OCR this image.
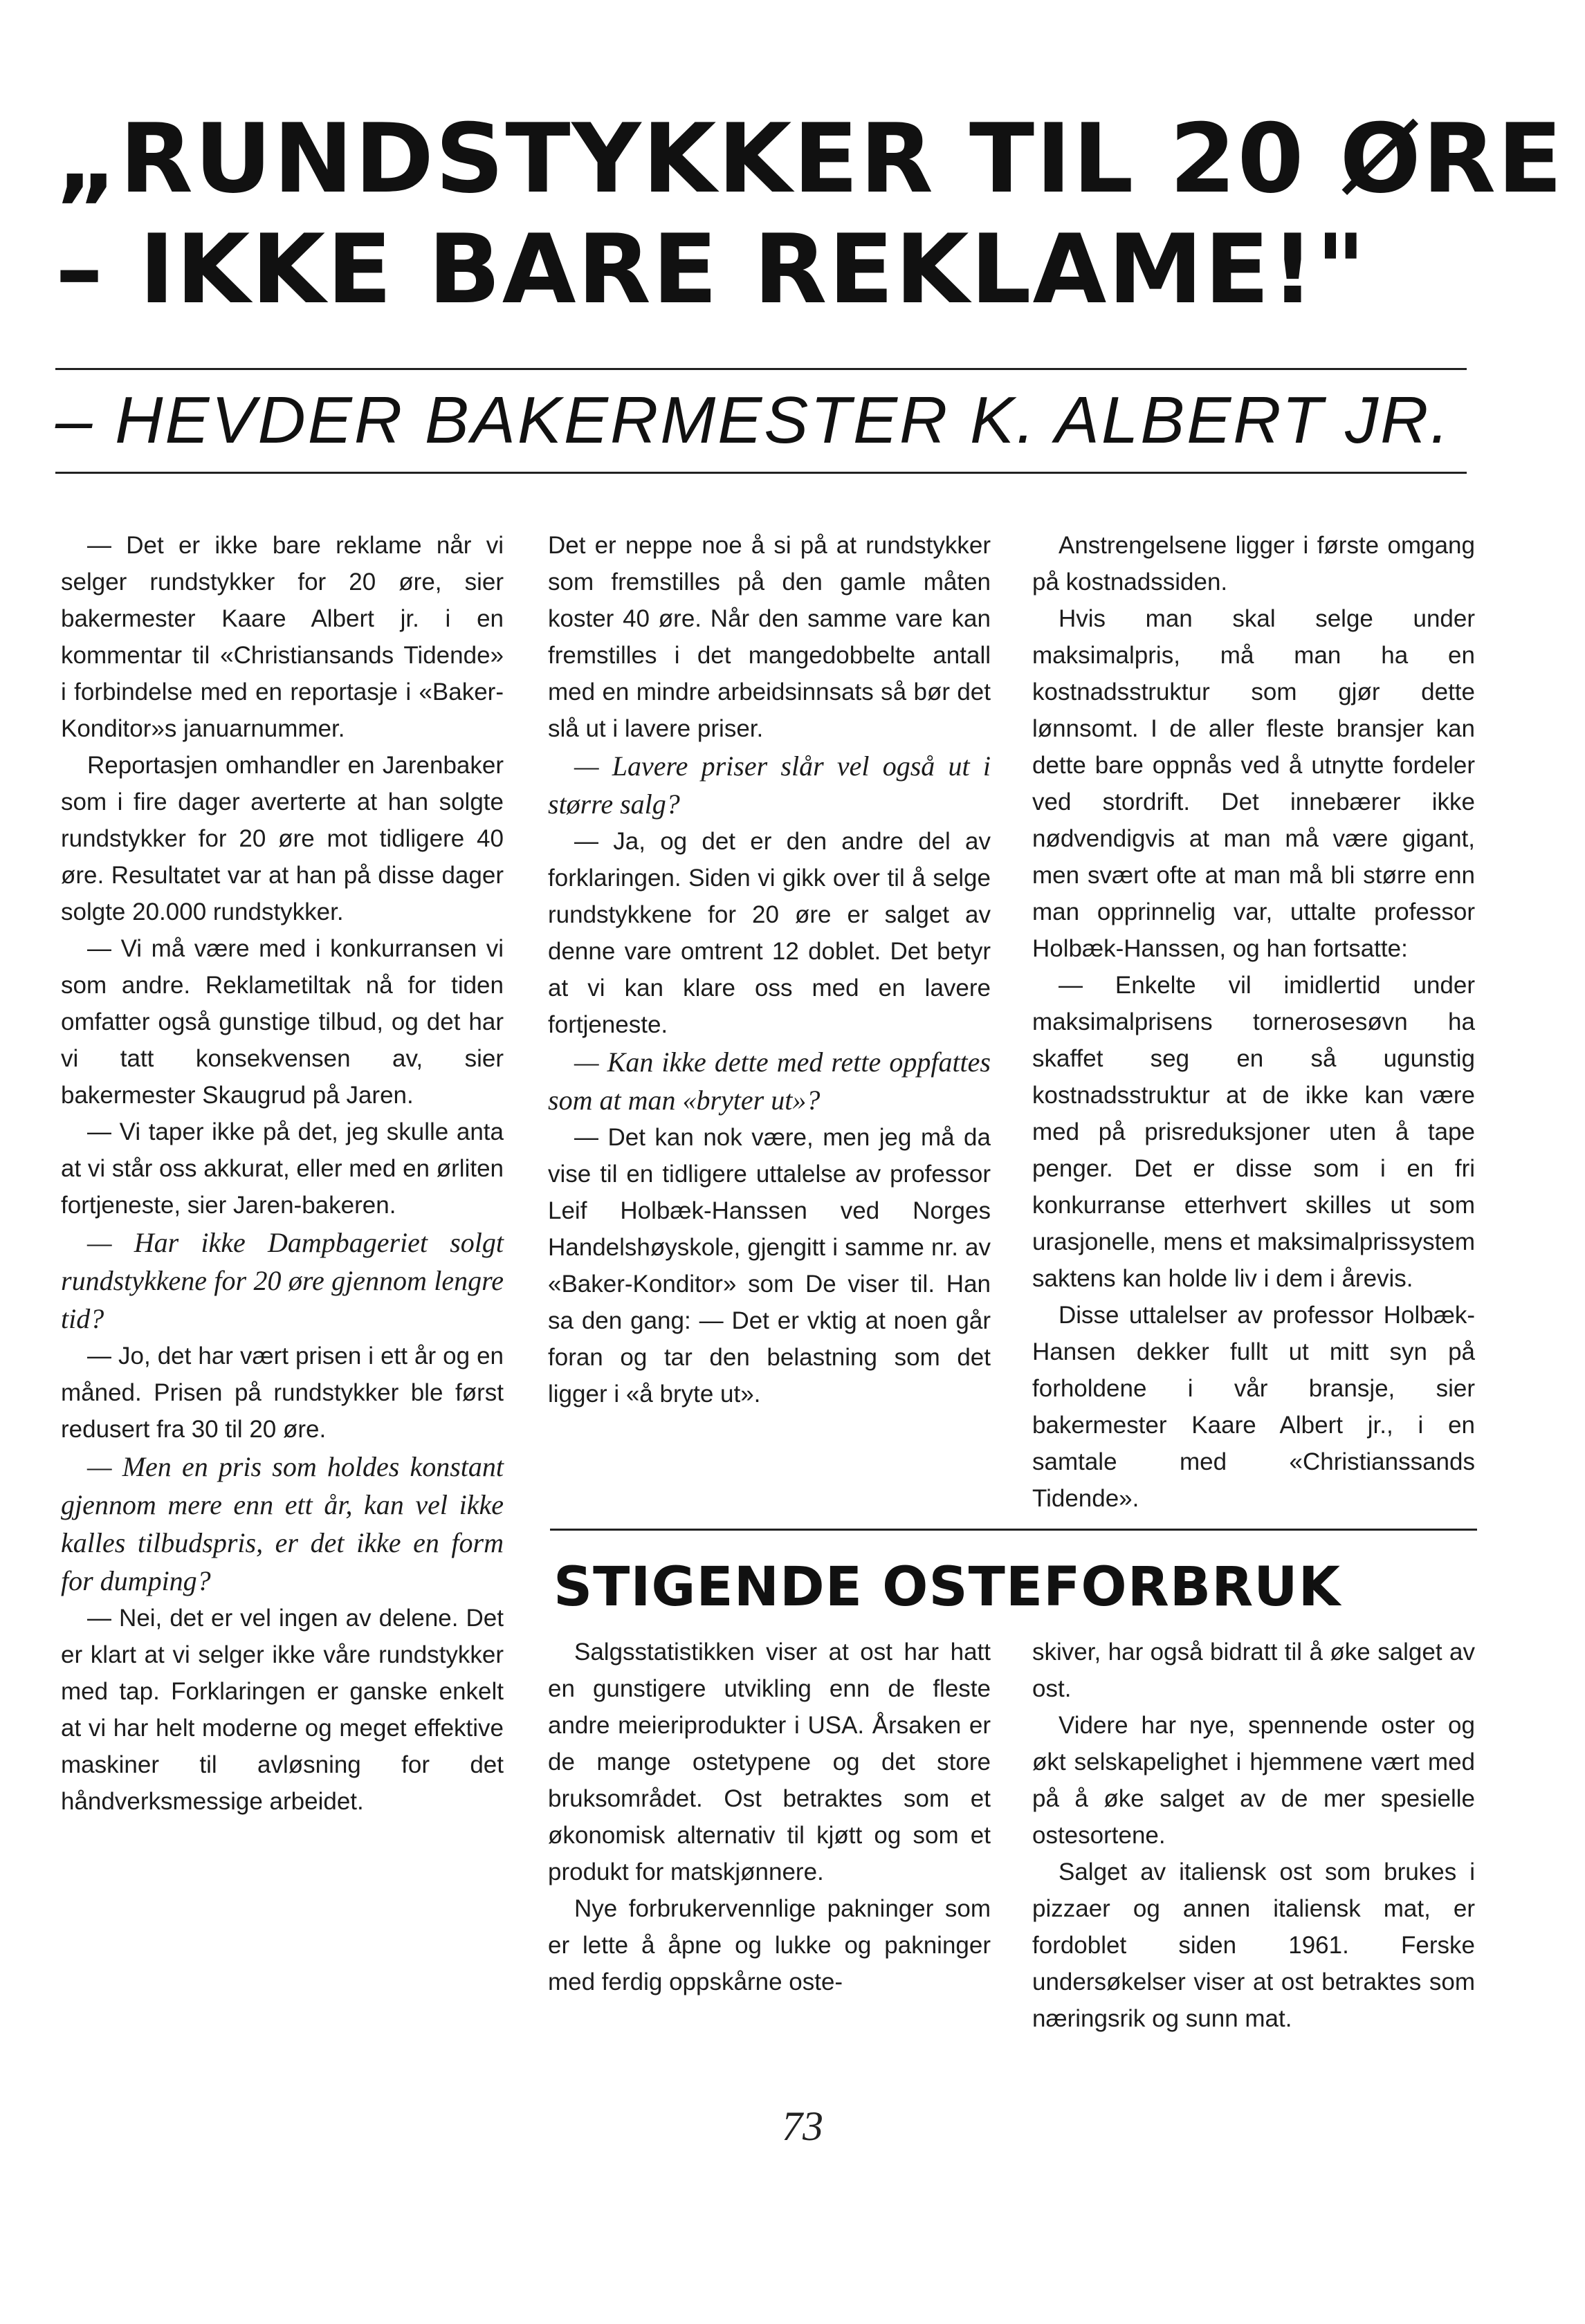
„RUNDSTYKKER TIL 20 ØRE
– IKKE BARE REKLAME!"
– HEVDER BAKERMESTER K. ALBERT JR.

— Det er ikke bare reklame når vi selger rundstykker for 20 øre, sier bakermester Kaare Albert jr. i en kommentar til «Christiansands Tidende» i forbindelse med en reportasje i «Baker-Konditor»s januarnummer.

Reportasjen omhandler en Jarenbaker som i fire dager averterte at han solgte rundstykker for 20 øre mot tidligere 40 øre. Resultatet var at han på disse dager solgte 20.000 rundstykker.

— Vi må være med i konkurransen vi som andre. Reklametiltak nå for tiden omfatter også gunstige tilbud, og det har vi tatt konsekvensen av, sier bakermester Skaugrud på Jaren.

— Vi taper ikke på det, jeg skulle anta at vi står oss akkurat, eller med en ørliten fortjeneste, sier Jaren-bakeren.

— Har ikke Dampbageriet solgt rundstykkene for 20 øre gjennom lengre tid?

— Jo, det har vært prisen i ett år og en måned. Prisen på rundstykker ble først redusert fra 30 til 20 øre.

— Men en pris som holdes konstant gjennom mere enn ett år, kan vel ikke kalles tilbudspris, er det ikke en form for dumping?

— Nei, det er vel ingen av delene. Det er klart at vi selger ikke våre rundstykker med tap. Forklaringen er ganske enkelt at vi har helt moderne og meget effektive maskiner til avløsning for det håndverksmessige arbeidet.

Det er neppe noe å si på at rundstykker som fremstilles på den gamle måten koster 40 øre. Når den samme vare kan fremstilles i det mangedobbelte antall med en mindre arbeidsinnsats så bør det slå ut i lavere priser.

— Lavere priser slår vel også ut i større salg?

— Ja, og det er den andre del av forklaringen. Siden vi gikk over til å selge rundstykkene for 20 øre er salget av denne vare omtrent 12 doblet. Det betyr at vi kan klare oss med en lavere fortjeneste.

— Kan ikke dette med rette oppfattes som at man «bryter ut»?

— Det kan nok være, men jeg må da vise til en tidligere uttalelse av professor Leif Holbæk-Hanssen ved Norges Handelshøyskole, gjengitt i samme nr. av «Baker-Konditor» som De viser til. Han sa den gang: — Det er vktig at noen går foran og tar den belastning som det ligger i «å bryte ut».

Anstrengelsene ligger i første omgang på kostnadssiden.

Hvis man skal selge under maksimalpris, må man ha en kostnadsstruktur som gjør dette lønnsomt. I de aller fleste bransjer kan dette bare oppnås ved å utnytte fordeler ved stordrift. Det innebærer ikke nødvendigvis at man må være gigant, men svært ofte at man må bli større enn man opprinnelig var, uttalte professor Holbæk-Hanssen, og han fortsatte:

— Enkelte vil imidlertid under maksimalprisens tornerosesøvn ha skaffet seg en så ugunstig kostnadsstruktur at de ikke kan være med på prisreduksjoner uten å tape penger. Det er disse som i en fri konkurranse etterhvert skilles ut som urasjonelle, mens et maksimalprissystem saktens kan holde liv i dem i årevis.

Disse uttalelser av professor Holbæk-Hansen dekker fullt ut mitt syn på forholdene i vår bransje, sier bakermester Kaare Albert jr., i en samtale med «Christianssands Tidende».

STIGENDE OSTEFORBRUK

Salgsstatistikken viser at ost har hatt en gunstigere utvikling enn de fleste andre meieriprodukter i USA. Årsaken er de mange ostetypene og det store bruksområdet. Ost betraktes som et økonomisk alternativ til kjøtt og som et produkt for matskjønnere.

Nye forbrukervennlige pakninger som er lette å åpne og lukke og pakninger med ferdig oppskårne oste-

skiver, har også bidratt til å øke salget av ost.

Videre har nye, spennende oster og økt selskapelighet i hjemmene vært med på å øke salget av de mer spesielle ostesortene.

Salget av italiensk ost som brukes i pizzaer og annen italiensk mat, er fordoblet siden 1961. Ferske undersøkelser viser at ost betraktes som næringsrik og sunn mat.

73
